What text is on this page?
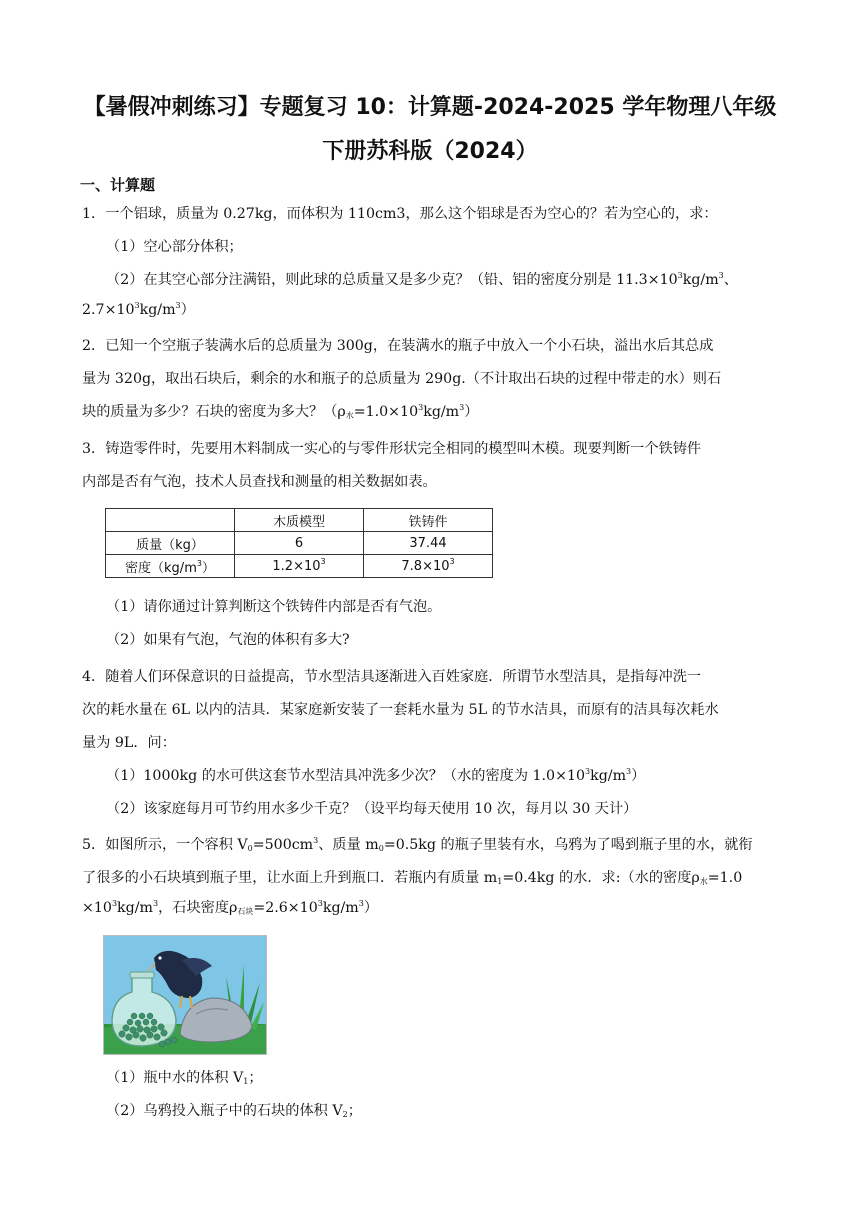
【暑假冲刺练习】专题复习 10：计算题-2024-2025 学年物理八年级
下册苏科版（2024）
一、计算题
1．一个铝球，质量为 0.27kg，而体积为 110cm3，那么这个铝球是否为空心的？若为空心的，求：
（1）空心部分体积；
（2）在其空心部分注满铅，则此球的总质量又是多少克？（铅、铝的密度分别是 $11.3\times 10^3kg/m^3$、
$2.7\times 10^3kg/m^3$）
2．已知一个空瓶子装满水后的总质量为 300g，在装满水的瓶子中放入一个小石块，溢出水后其总成
量为 320g，取出石块后，剩余的水和瓶子的总质量为 290g.（不计取出石块的过程中带走的水）则石
块的质量为多少？石块的密度为多大？$(\rho_水=1.0\times 10^3kg/m^3)$
3．铸造零件时，先要用木料制成一实心的与零件形状完全相同的模型叫木模。现要判断一个铁铸件
内部是否有气泡，技术人员查找和测量的相关数据如表。
	木质模型	铁铸件
质量（kg）	6	37.44
密度$(kg/m^3)$	$1.2\times 10^3$	$7.8\times 10^3$
（1）请你通过计算判断这个铁铸件内部是否有气泡。
（2）如果有气泡，气泡的体积有多大?
4．随着人们环保意识的日益提高，节水型洁具逐渐进入百姓家庭．所谓节水型洁具，是指每冲洗一
次的耗水量在 6L 以内的洁具．某家庭新安装了一套耗水量为 5L 的节水洁具，而原有的洁具每次耗水
量为 9L．问：
（1）1000kg 的水可供这套节水型洁具冲洗多少次？（水的密度为 $1.0\times 10^3kg/m^3$）
（2）该家庭每月可节约用水多少千克？（设平均每天使用 10 次，每月以 30 天计）
5．如图所示，一个容积 $V_0=500cm^3$、质量 $m_0=0.5kg$ 的瓶子里装有水，乌鸦为了喝到瓶子里的水，就衔
了很多的小石块填到瓶子里，让水面上升到瓶口．若瓶内有质量 $m_1=0.4kg$ 的水．求:（水的密度$\rho_水=1.0$
$\times 10^3kg/m^3$，石块密度$\rho_{石块}=2.6\times 10^3kg/m^3$）
（1）瓶中水的体积 $V_1$；
（2）乌鸦投入瓶子中的石块的体积 $V_2$；
